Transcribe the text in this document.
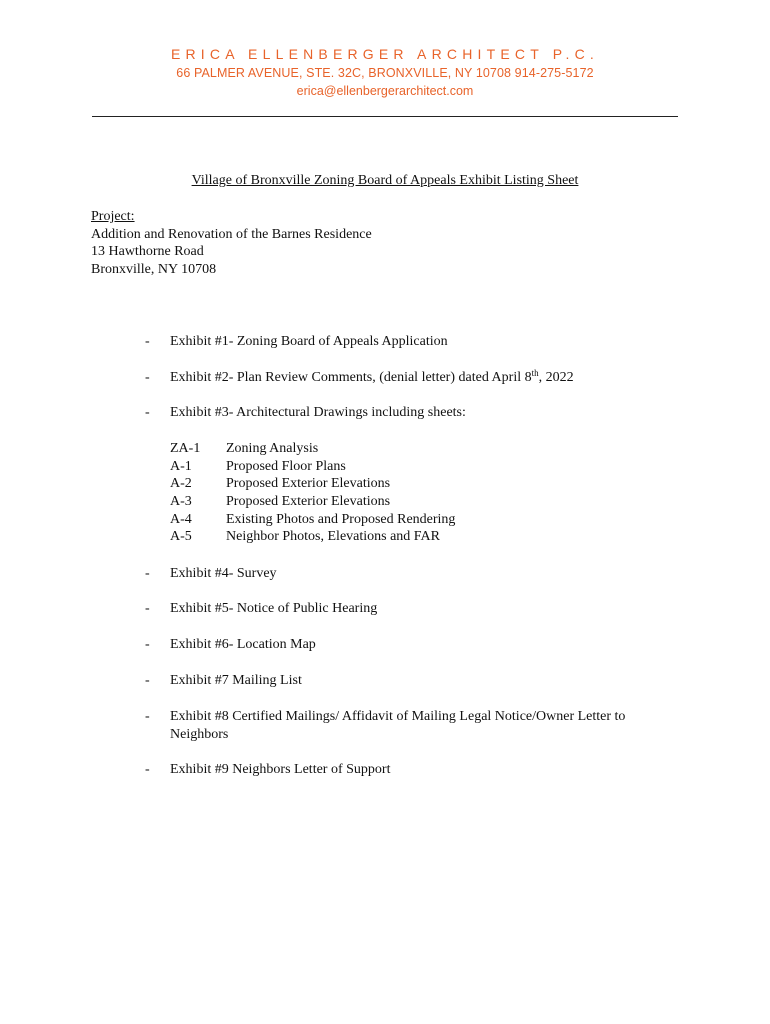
ERICA ELLENBERGER ARCHITECT P.C.
66 PALMER AVENUE, STE. 32C, BRONXVILLE, NY 10708 914-275-5172
erica@ellenbergerarchitect.com
Village of Bronxville Zoning Board of Appeals Exhibit Listing Sheet
Project:
Addition and Renovation of the Barnes Residence
13 Hawthorne Road
Bronxville, NY 10708
-	Exhibit #1- Zoning Board of Appeals Application
-	Exhibit #2- Plan Review Comments, (denial letter) dated April 8th, 2022
-	Exhibit #3- Architectural Drawings including sheets:
ZA-1 Zoning Analysis
A-1 Proposed Floor Plans
A-2 Proposed Exterior Elevations
A-3 Proposed Exterior Elevations
A-4 Existing Photos and Proposed Rendering
A-5 Neighbor Photos, Elevations and FAR
-	Exhibit #4- Survey
-	Exhibit #5- Notice of Public Hearing
-	Exhibit #6- Location Map
-	Exhibit #7 Mailing List
-	Exhibit #8 Certified Mailings/ Affidavit of Mailing Legal Notice/Owner Letter to Neighbors
-	Exhibit #9 Neighbors Letter of Support
